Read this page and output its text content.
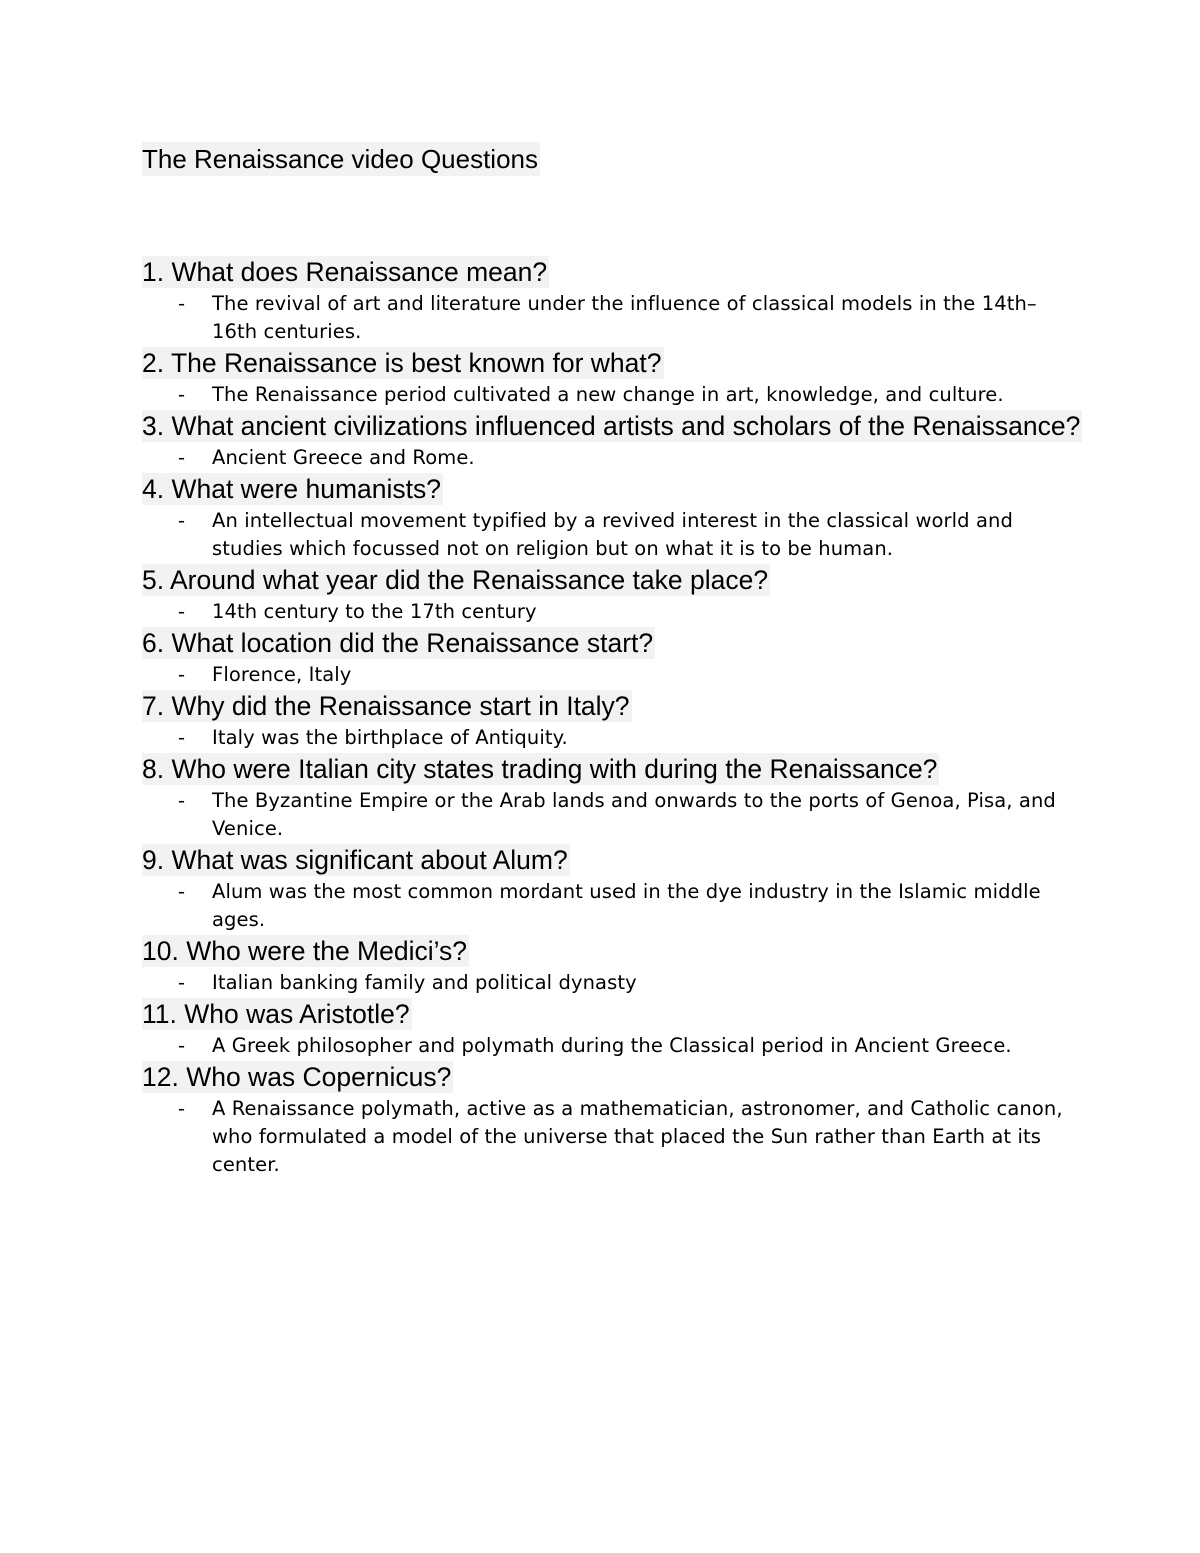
The Renaissance video Questions
1. What does Renaissance mean?
- The revival of art and literature under the influence of classical models in the 14th–16th centuries.
2. The Renaissance is best known for what?
- The Renaissance period cultivated a new change in art, knowledge, and culture.
3. What ancient civilizations influenced artists and scholars of the Renaissance?
- Ancient Greece and Rome.
4. What were humanists?
- An intellectual movement typified by a revived interest in the classical world and studies which focussed not on religion but on what it is to be human.
5. Around what year did the Renaissance take place?
- 14th century to the 17th century
6. What location did the Renaissance start?
- Florence, Italy
7. Why did the Renaissance start in Italy?
- Italy was the birthplace of Antiquity.
8. Who were Italian city states trading with during the Renaissance?
- The Byzantine Empire or the Arab lands and onwards to the ports of Genoa, Pisa, and Venice.
9. What was significant about Alum?
- Alum was the most common mordant used in the dye industry in the Islamic middle ages.
10. Who were the Medici’s?
- Italian banking family and political dynasty
11. Who was Aristotle?
- A Greek philosopher and polymath during the Classical period in Ancient Greece.
12. Who was Copernicus?
- A Renaissance polymath, active as a mathematician, astronomer, and Catholic canon, who formulated a model of the universe that placed the Sun rather than Earth at its center.
